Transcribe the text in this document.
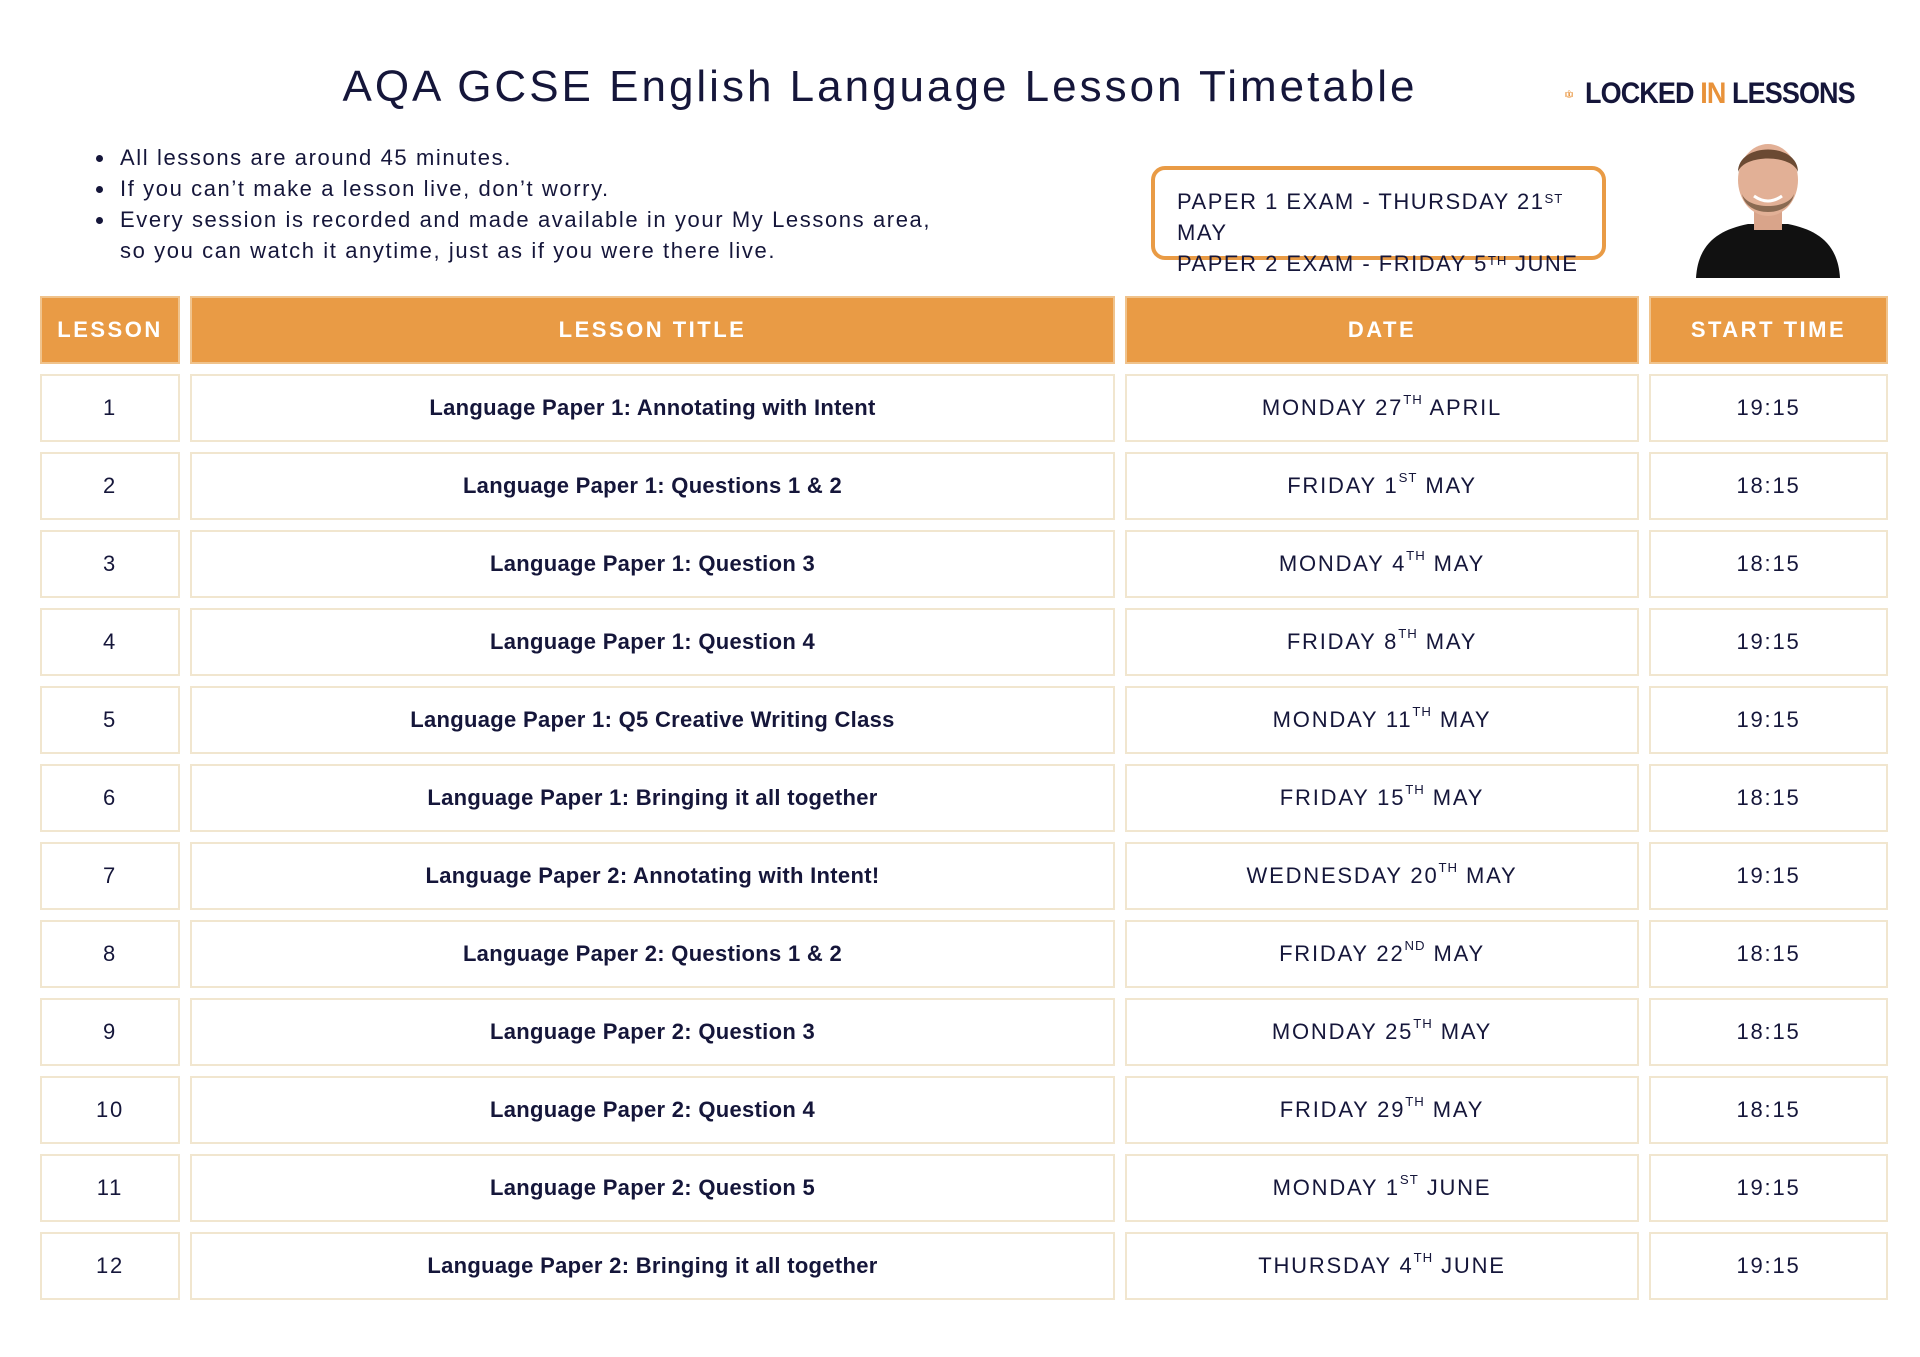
AQA GCSE English Language Lesson Timetable	LOCKED IN LESSONS
• All lessons are around 45 minutes.
• If you can’t make a lesson live, don’t worry.
• Every session is recorded and made available in your My Lessons area,
so you can watch it anytime, just as if you were there live.
PAPER 1 EXAM - THURSDAY 21ST MAY
PAPER 2 EXAM - FRIDAY 5TH JUNE
LESSON	LESSON TITLE	DATE	START TIME
1	Language Paper 1: Annotating with Intent	MONDAY 27TH APRIL	19:15
2	Language Paper 1: Questions 1 & 2	FRIDAY 1ST MAY	18:15
3	Language Paper 1: Question 3	MONDAY 4TH MAY	18:15
4	Language Paper 1: Question 4	FRIDAY 8TH MAY	19:15
5	Language Paper 1: Q5 Creative Writing Class	MONDAY 11TH MAY	19:15
6	Language Paper 1: Bringing it all together	FRIDAY 15TH MAY	18:15
7	Language Paper 2: Annotating with Intent!	WEDNESDAY 20TH MAY	19:15
8	Language Paper 2: Questions 1 & 2	FRIDAY 22ND MAY	18:15
9	Language Paper 2: Question 3	MONDAY 25TH MAY	18:15
10	Language Paper 2: Question 4	FRIDAY 29TH MAY	18:15
11	Language Paper 2: Question 5	MONDAY 1ST JUNE	19:15
12	Language Paper 2: Bringing it all together	THURSDAY 4TH JUNE	19:15
